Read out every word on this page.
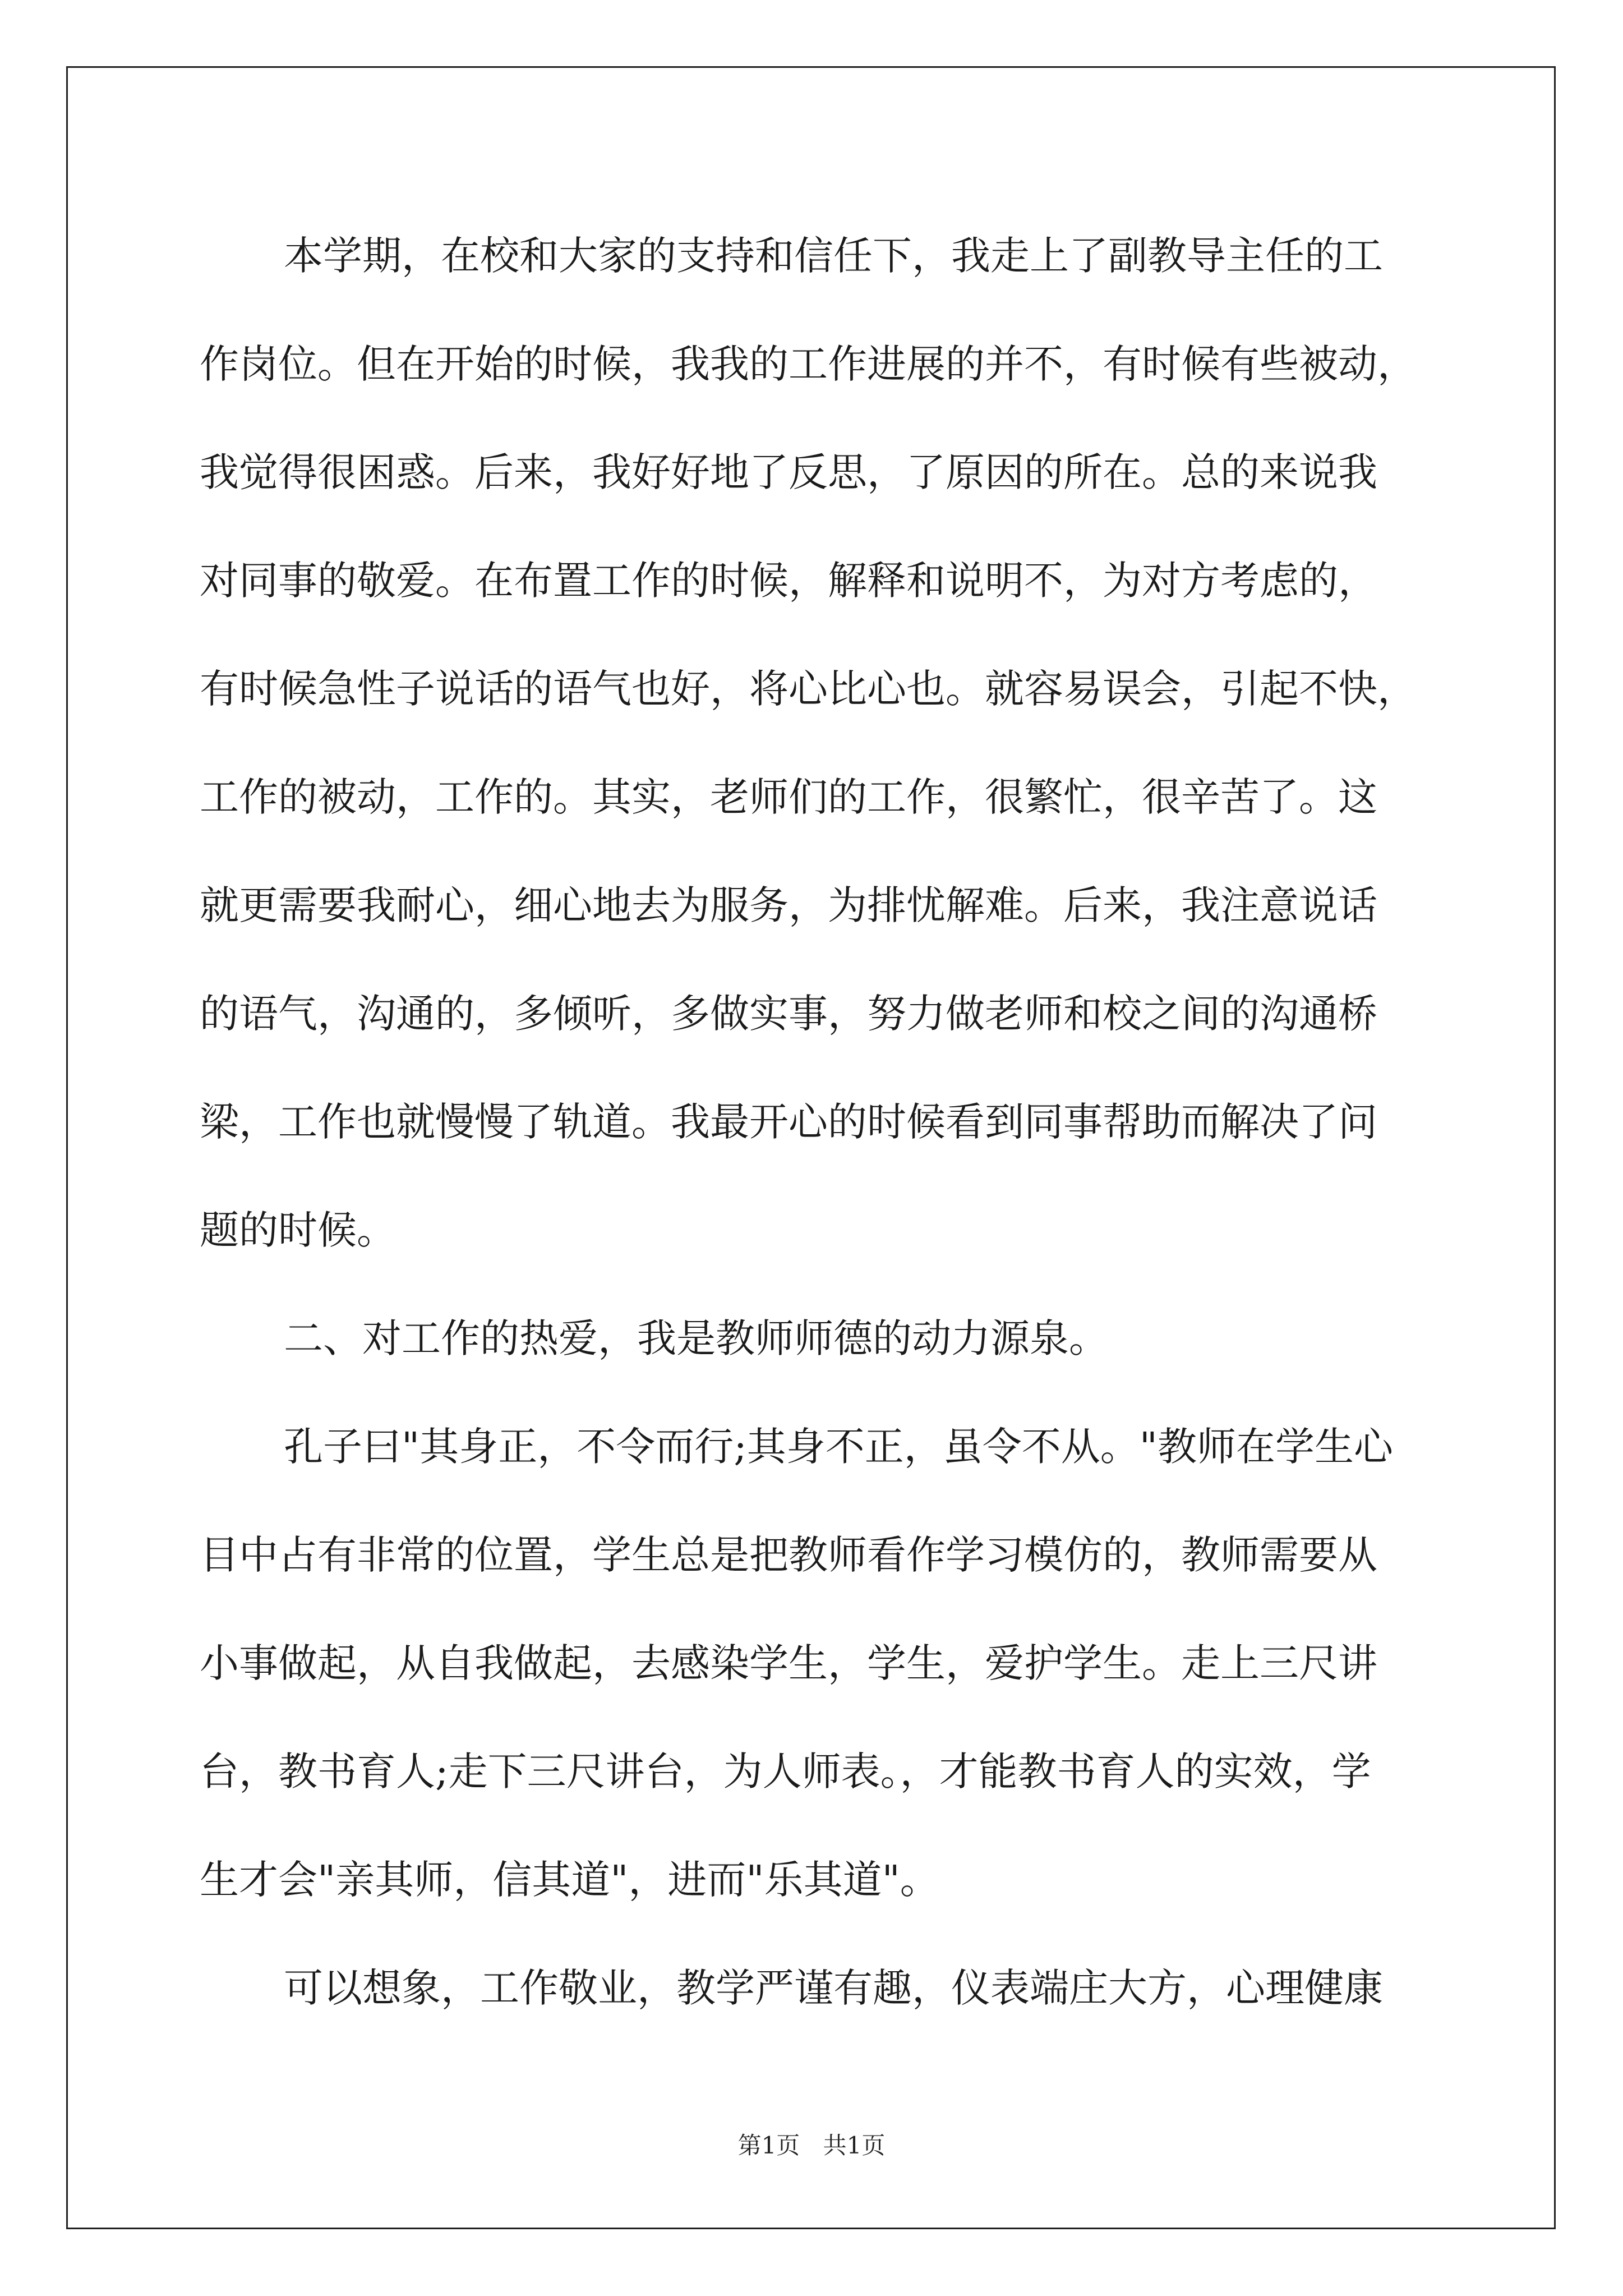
本学期，在校和大家的支持和信任下，我走上了副教导主任的工
作岗位。但在开始的时候，我我的工作进展的并不，有时候有些被动，
我觉得很困惑。后来，我好好地了反思，了原因的所在。总的来说我
对同事的敬爱。在布置工作的时候，解释和说明不，为对方考虑的，
有时候急性子说话的语气也好，将心比心也。就容易误会，引起不快，
工作的被动，工作的。其实，老师们的工作，很繁忙，很辛苦了。这
就更需要我耐心，细心地去为服务，为排忧解难。后来，我注意说话
的语气，沟通的，多倾听，多做实事，努力做老师和校之间的沟通桥
梁，工作也就慢慢了轨道。我最开心的时候看到同事帮助而解决了问
题的时候。
二、对工作的热爱，我是教师师德的动力源泉。
孔子曰"其身正，不令而行;其身不正，虽令不从。"教师在学生心
目中占有非常的位置，学生总是把教师看作学习模仿的，教师需要从
小事做起，从自我做起，去感染学生，学生，爱护学生。走上三尺讲
台，教书育人;走下三尺讲台，为人师表。，才能教书育人的实效，学
生才会"亲其师，信其道"，进而"乐其道"。
可以想象，工作敬业，教学严谨有趣，仪表端庄大方，心理健康
第1页 共1页
